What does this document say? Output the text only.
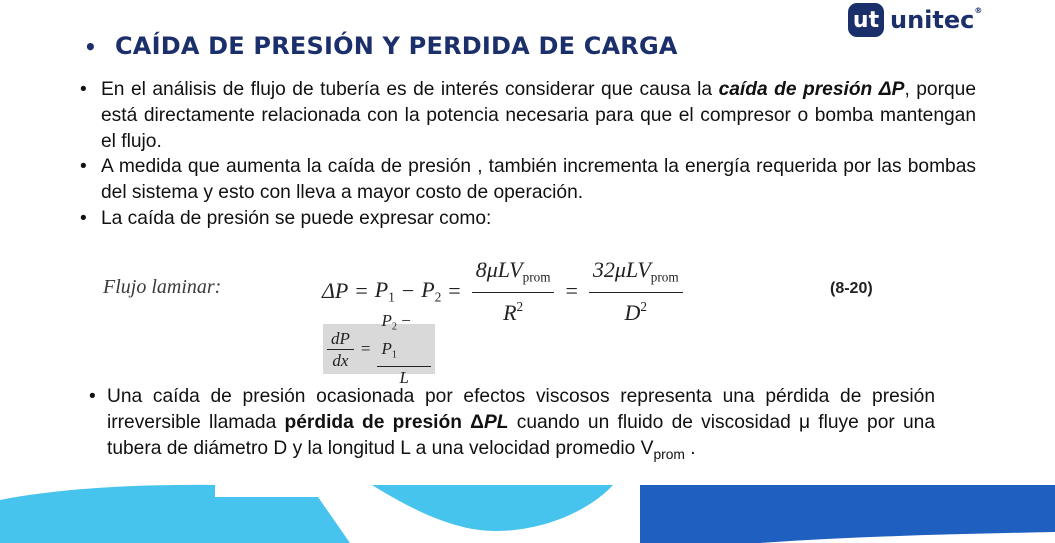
• CAÍDA DE PRESIÓN Y PERDIDA DE CARGA
ut unitec®
• En el análisis de flujo de tubería es de interés considerar que causa la caída de presión ΔP, porque está directamente relacionada con la potencia necesaria para que el compresor o bomba mantengan el flujo.
• A medida que aumenta la caída de presión , también incrementa la energía requerida por las bombas del sistema y esto con lleva a mayor costo de operación.
• La caída de presión se puede expresar como:
Flujo laminar:	$\Delta P = P_1 - P_2 = \frac{8\mu LV_{prom}}{R^2} = \frac{32\mu LV_{prom}}{D^2}$	(8-20)
$\frac{dP}{dx} = \frac{P_2 - P_1}{L}$
• Una caída de presión ocasionada por efectos viscosos representa una pérdida de presión irreversible llamada pérdida de presión ΔPL cuando un fluido de viscosidad μ fluye por una tubera de diámetro D y la longitud L a una velocidad promedio $V_{prom}$ .
